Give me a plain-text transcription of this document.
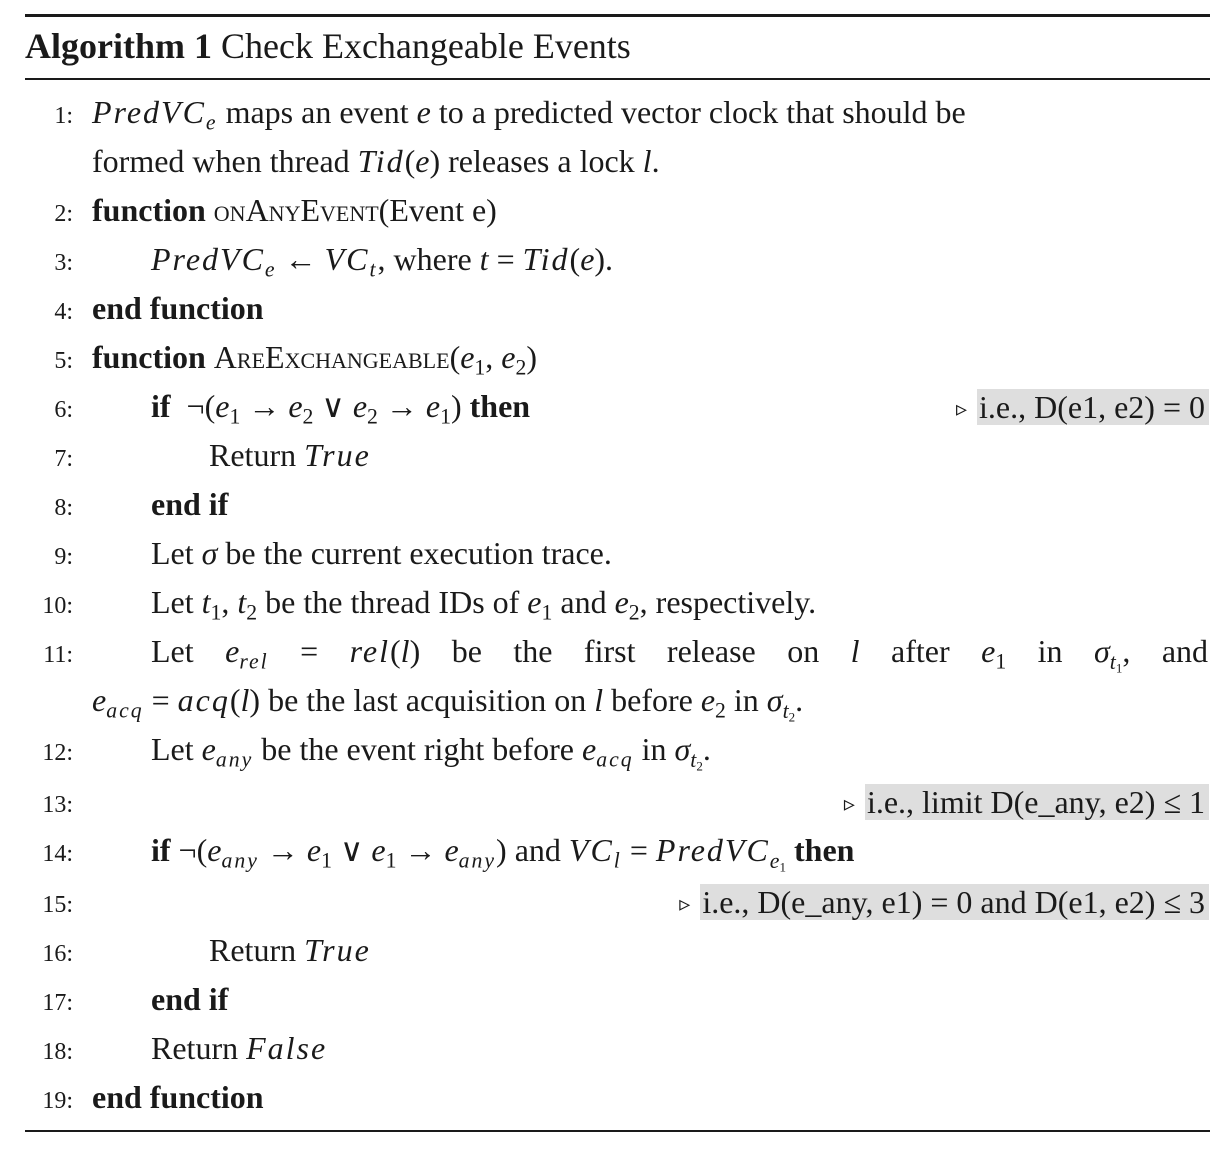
Algorithm 1 Check Exchangeable Events
1: PredVC$_e$ maps an event e to a predicted vector clock that should be
formed when thread Tid(e) releases a lock l.
2: function onAnyEvent(Event e)
3: PredVC$_e$ ← $VC_t$, where t = Tid(e).
4: end function
5: function $AreExchangeable(e_1$, $e_2$)
6: if  $\neg(e_1 \to e_2$ ∨ $e_2 \to e_1$) then	▹ i.e., D(e1, e2) = 0
7:	Return True
8: end if
9: Let σ be the current execution trace.
10: Let $t_1$, $t_2$ be the thread IDs of $e_1$ and $e_2$, respectively.
11: Let $e_{rel} = rel(l)$ be the first release on l after $e_1$ in $\sigma_{t1}$, and
$e_{acq} = acq(l)$ be the last acquisition on l before $e_2$ in $\sigma_{t2}$.
12: Let $e_{any}$ be the event right before $e_{acq}$ in $\sigma_{t2}$.
13:	▹ i.e., limit D(e_any, e2) ≤ 1
14: if $\neg(e_{any} \to e_1$ ∨ $e_1 \to e_{any}$) and $VC_l$ = PredVC$_{e1}$ then
15:	▹ i.e., D(e_any, e1) = 0 and D(e1, e2) ≤ 3
16:	Return True
17: end if
18: Return False
19: end function
